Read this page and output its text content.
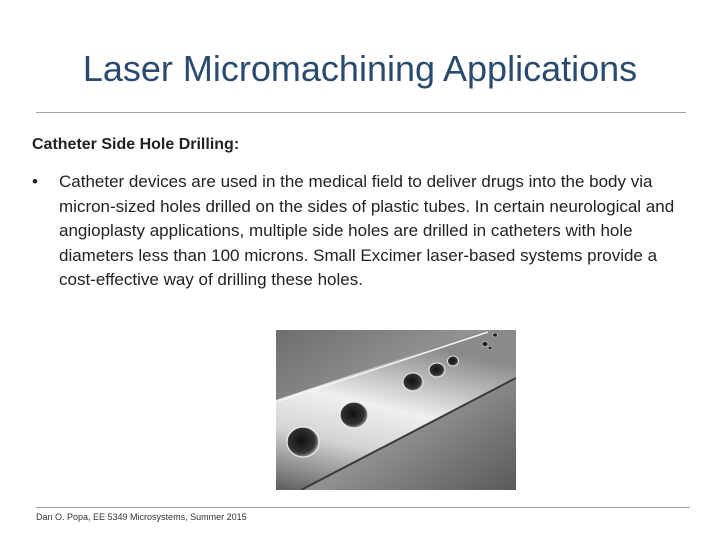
Laser Micromachining Applications

Catheter Side Hole Drilling:

• Catheter devices are used in the medical field to deliver drugs into the body via micron-sized holes drilled on the sides of plastic tubes. In certain neurological and angioplasty applications, multiple side holes are drilled in catheters with hole diameters less than 100 microns. Small Excimer laser-based systems provide a cost-effective way of drilling these holes.
Dan O. Popa, EE 5349 Microsystems, Summer 2015
